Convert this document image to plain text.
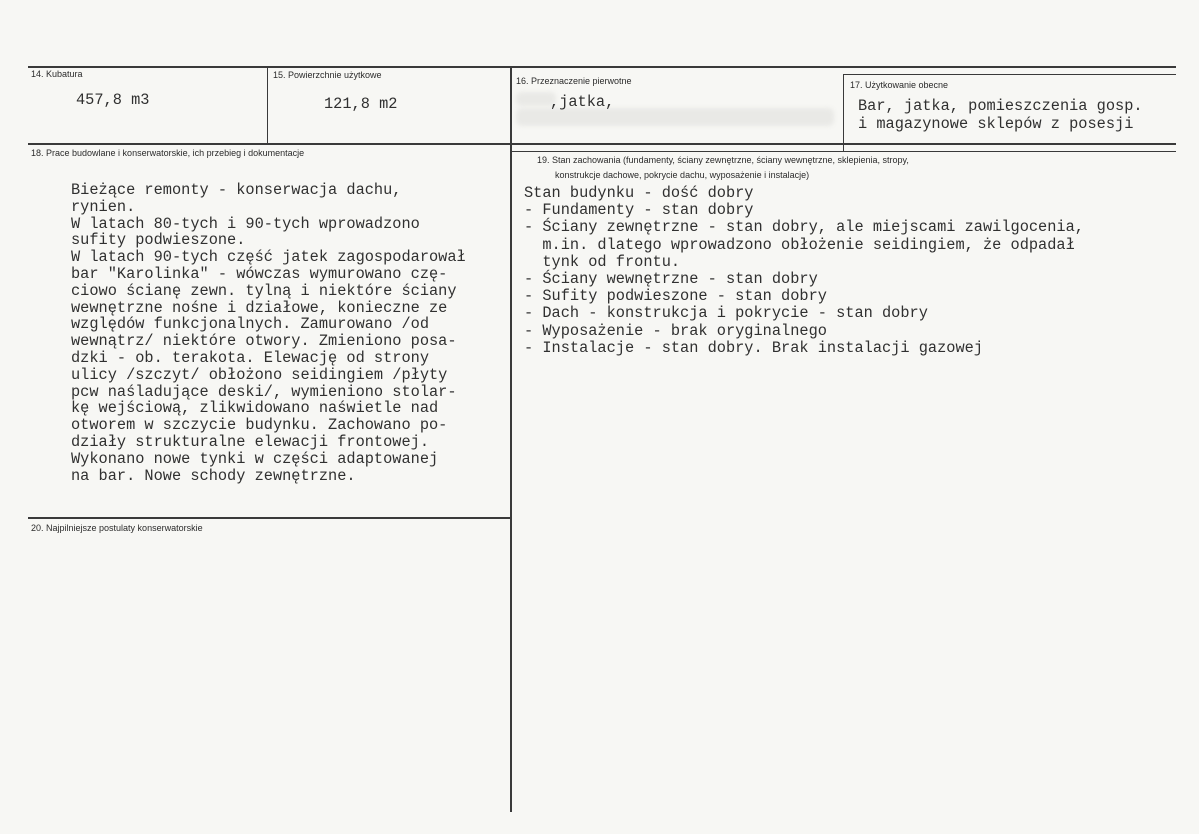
14. Kubatura
457,8 m3
15. Powierzchnie użytkowe
121,8 m2
16. Przeznaczenie pierwotne
,jatka,
17. Użytkowanie obecne
Bar, jatka, pomieszczenia gosp.
i magazynowe sklepów z posesji
18. Prace budowlane i konserwatorskie, ich przebieg i dokumentacje
Bieżące remonty - konserwacja dachu,
rynien.
W latach 80-tych i 90-tych wprowadzono
sufity podwieszone.
W latach 90-tych część jatek zagospodarował
bar "Karolinka" - wówczas wymurowano czę-
ciowo ścianę zewn. tylną i niektóre ściany
wewnętrzne nośne i działowe, konieczne ze
względów funkcjonalnych. Zamurowano /od
wewnątrz/ niektóre otwory. Zmieniono posa-
dzki - ob. terakota. Elewację od strony
ulicy /szczyt/ obłożono seidingiem /płyty
pcw naśladujące deski/, wymieniono stolar-
kę wejściową, zlikwidowano naświetle nad
otworem w szczycie budynku. Zachowano po-
działy strukturalne elewacji frontowej.
Wykonano nowe tynki w części adaptowanej
na bar. Nowe schody zewnętrzne.
19. Stan zachowania (fundamenty, ściany zewnętrzne, ściany wewnętrzne, sklepienia, stropy,
konstrukcje dachowe, pokrycie dachu, wyposażenie i instalacje)
Stan budynku - dość dobry
- Fundamenty - stan dobry
- Ściany zewnętrzne - stan dobry, ale miejscami zawilgocenia,
m.in. dlatego wprowadzono obłożenie seidingiem, że odpadał
tynk od frontu.
- Ściany wewnętrzne - stan dobry
- Sufity podwieszone - stan dobry
- Dach - konstrukcja i pokrycie - stan dobry
- Wyposażenie - brak oryginalnego
- Instalacje - stan dobry. Brak instalacji gazowej
20. Najpilniejsze postulaty konserwatorskie
